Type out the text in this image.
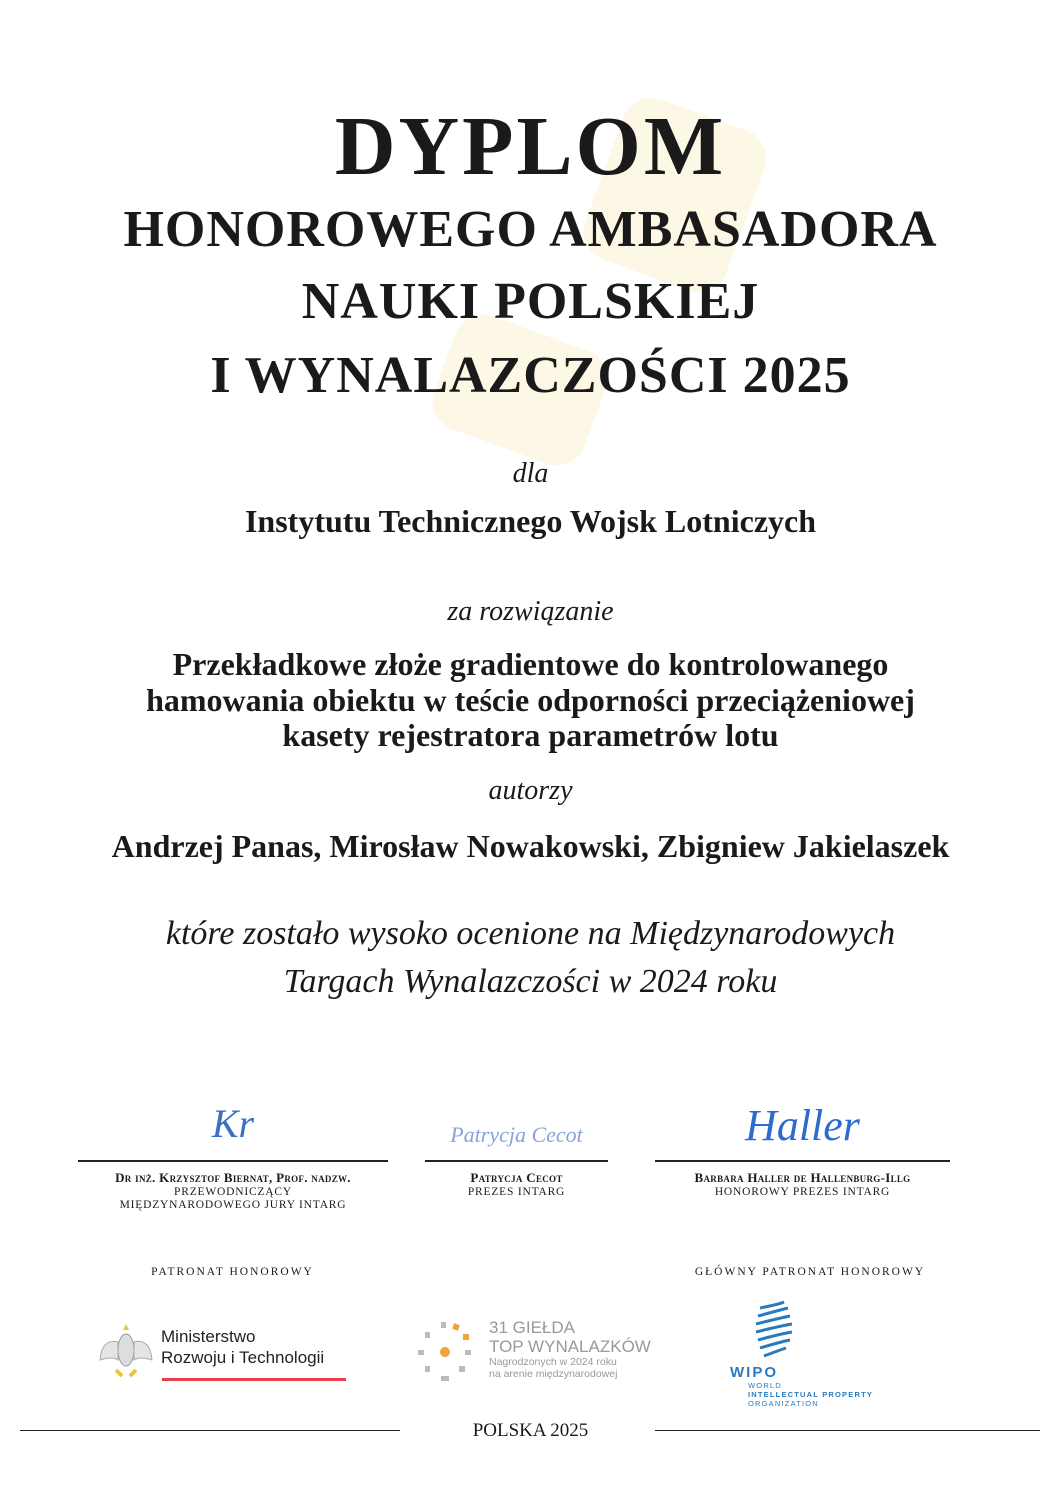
DYPLOM
HONOROWEGO AMBASADORA
NAUKI POLSKIEJ
I WYNALAZCZOŚCI 2025
dla
Instytutu Technicznego Wojsk Lotniczych
za rozwiązanie
Przekładkowe złoże gradientowe do kontrolowanego
hamowania obiektu w teście odporności przeciążeniowej
kasety rejestratora parametrów lotu
autorzy
Andrzej Panas, Mirosław Nowakowski, Zbigniew Jakielaszek
które zostało wysoko ocenione na Międzynarodowych
Targach Wynalazczości w 2024 roku
Kr
Dr inż. Krzysztof Biernat, Prof. nadzw.
PRZEWODNICZĄCY
MIĘDZYNARODOWEGO JURY INTARG
Patrycja Cecot
Patrycja Cecot
PREZES INTARG
Haller
Barbara Haller de Hallenburg-Illg
HONOROWY PREZES INTARG
PATRONAT HONOROWY	GŁÓWNY PATRONAT HONOROWY
Ministerstwo
Rozwoju i Technologii
31 GIEŁDA
TOP WYNALAZKÓW
Nagrodzonych w 2024 roku
na arenie międzynarodowej	WIPO
WORLD
INTELLECTUAL PROPERTY
ORGANIZATION
POLSKA 2025
